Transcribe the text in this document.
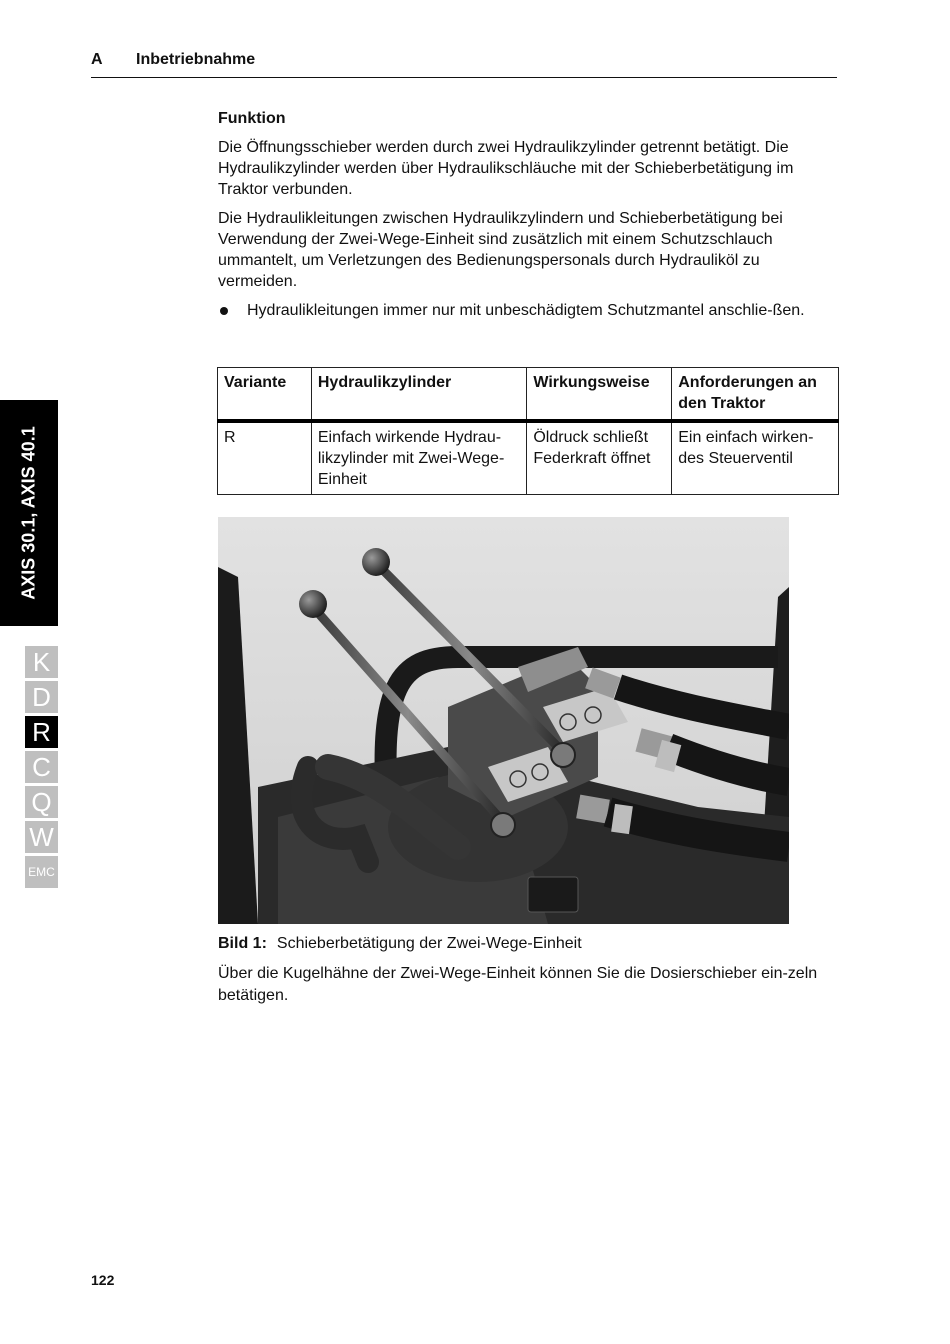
A Inbetriebnahme
Funktion

Die Öffnungsschieber werden durch zwei Hydraulikzylinder getrennt betätigt. Die Hydraulikzylinder werden über Hydraulikschläuche mit der Schieberbetätigung im Traktor verbunden.

Die Hydraulikleitungen zwischen Hydraulikzylindern und Schieberbetätigung bei Verwendung der Zwei-Wege-Einheit sind zusätzlich mit einem Schutzschlauch ummantelt, um Verletzungen des Bedienungspersonals durch Hydrauliköl zu vermeiden.

Hydraulikleitungen immer nur mit unbeschädigtem Schutzmantel anschlie-ßen.
Variante	Hydraulikzylinder	Wirkungsweise	Anforderungen an den Traktor
R	Einfach wirkende Hydrau-likzylinder mit Zwei-Wege-Einheit	Öldruck schließt Federkraft öffnet	Ein einfach wirken-des Steuerventil
Bild 1: Schieberbetätigung der Zwei-Wege-Einheit
Über die Kugelhähne der Zwei-Wege-Einheit können Sie die Dosierschieber ein-zeln betätigen.
AXIS 30.1, AXIS 40.1
K
D
R
C
Q
W
EMC
122
